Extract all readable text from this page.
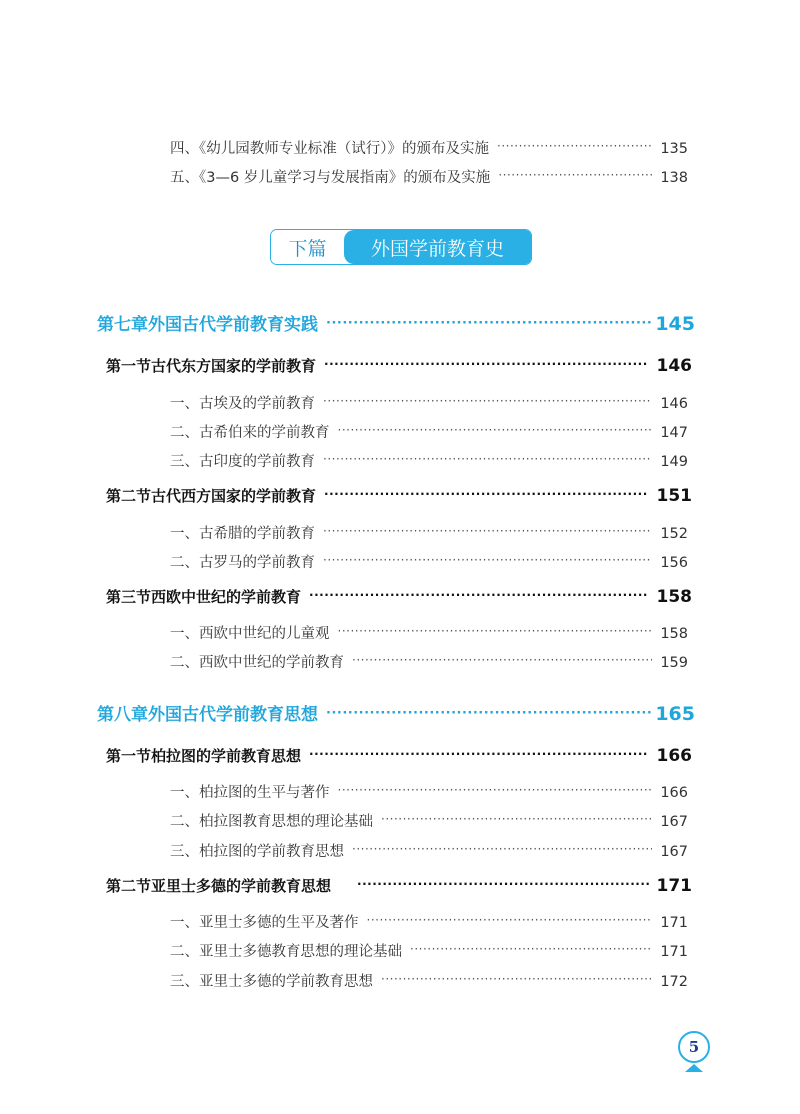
四、《幼儿园教师专业标准（试行）》的颁布及实施 ·····	135
五、《3—6 岁儿童学习与发展指南》的颁布及实施 ·····	138
下篇	外国学前教育史
第七章 外国古代学前教育实践 ·····	145
第一节 古代东方国家的学前教育 ·····	146
一、古埃及的学前教育 ·····	146
二、古希伯来的学前教育 ·····	147
三、古印度的学前教育 ·····	149
第二节 古代西方国家的学前教育 ·····	151
一、古希腊的学前教育 ·····	152
二、古罗马的学前教育 ·····	156
第三节 西欧中世纪的学前教育 ·····	158
一、西欧中世纪的儿童观 ·····	158
二、西欧中世纪的学前教育 ·····	159
第八章 外国古代学前教育思想 ·····	165
第一节 柏拉图的学前教育思想 ·····	166
一、柏拉图的生平与著作 ·····	166
二、柏拉图教育思想的理论基础 ·····	167
三、柏拉图的学前教育思想 ·····	167
第二节 亚里士多德的学前教育思想 ·····	171
一、亚里士多德的生平及著作 ·····	171
二、亚里士多德教育思想的理论基础 ·····	171
三、亚里士多德的学前教育思想 ·····	172
5
